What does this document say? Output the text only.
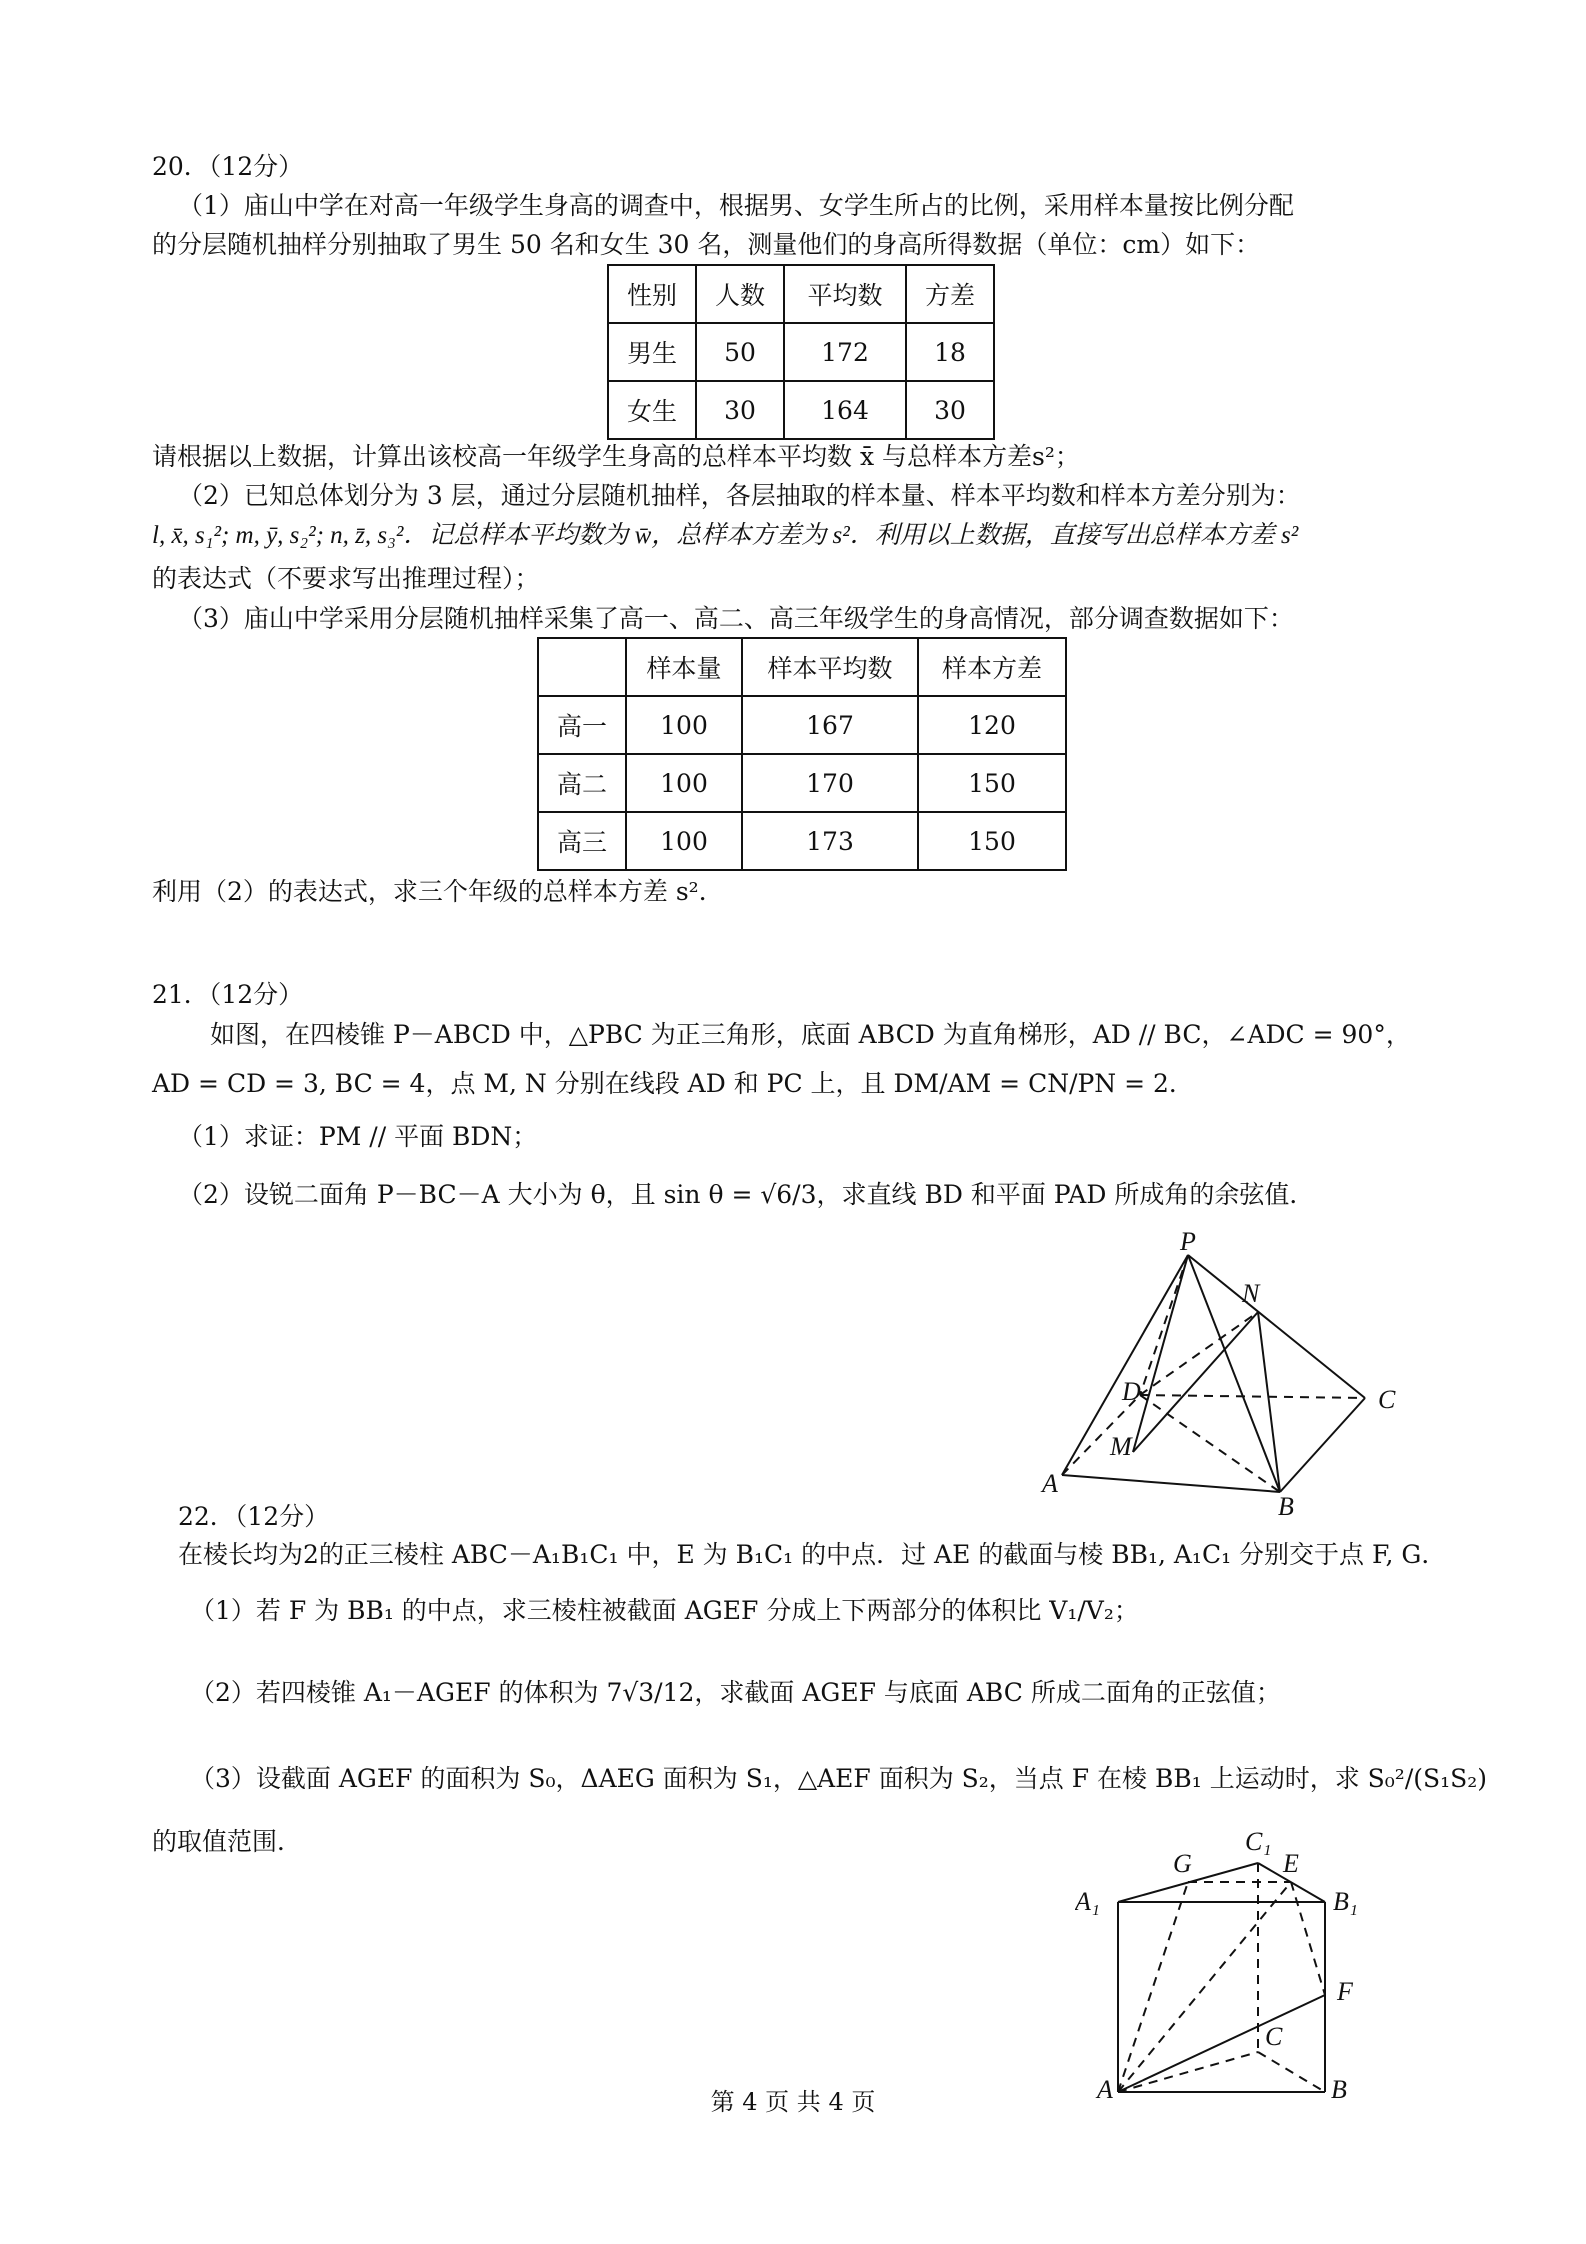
20．（12分）
（1）庙山中学在对高一年级学生身高的调查中，根据男、女学生所占的比例，采用样本量按比例分配
的分层随机抽样分别抽取了男生 50 名和女生 30 名，测量他们的身高所得数据（单位：cm）如下：
性别	人数	平均数	方差
男生	50	172	18
女生	30	164	30
请根据以上数据，计算出该校高一年级学生身高的总样本平均数 x̄ 与总样本方差s²；
（2）已知总体划分为 3 层，通过分层随机抽样，各层抽取的样本量、样本平均数和样本方差分别为：
l, x̄, s₁²; m, ȳ, s₂²; n, z̄, s₃²．记总样本平均数为 w̄，总样本方差为 s²．利用以上数据，直接写出总样本方差 s²
的表达式（不要求写出推理过程）；
（3）庙山中学采用分层随机抽样采集了高一、高二、高三年级学生的身高情况，部分调查数据如下：
	样本量	样本平均数	样本方差
高一	100	167	120
高二	100	170	150
高三	100	173	150
利用（2）的表达式，求三个年级的总样本方差 s²．
21．（12分）
如图，在四棱锥 P－ABCD 中，△PBC 为正三角形，底面 ABCD 为直角梯形，AD // BC，∠ADC = 90°，
AD = CD = 3, BC = 4，点 M, N 分别在线段 AD 和 PC 上，且 DM/AM = CN/PN = 2．
（1）求证：PM // 平面 BDN；
（2）设锐二面角 P－BC－A 大小为 θ，且 sin θ = √6/3，求直线 BD 和平面 PAD 所成角的余弦值．
P
N
D	C
M
A
B
22．（12分）
在棱长均为2的正三棱柱 ABC－A₁B₁C₁ 中，E 为 B₁C₁ 的中点．过 AE 的截面与棱 BB₁, A₁C₁ 分别交于点 F, G．
（1）若 F 为 BB₁ 的中点，求三棱柱被截面 AGEF 分成上下两部分的体积比 V₁/V₂；
（2）若四棱锥 A₁－AGEF 的体积为 7√3/12，求截面 AGEF 与底面 ABC 所成二面角的正弦值；
（3）设截面 AGEF 的面积为 S₀，ΔAEG 面积为 S₁，△AEF 面积为 S₂，当点 F 在棱 BB₁ 上运动时，求 S₀²/(S₁S₂)
的取值范围．
G
C₁
E
A₁	B₁
F
C
A	B
第 4 页 共 4 页
